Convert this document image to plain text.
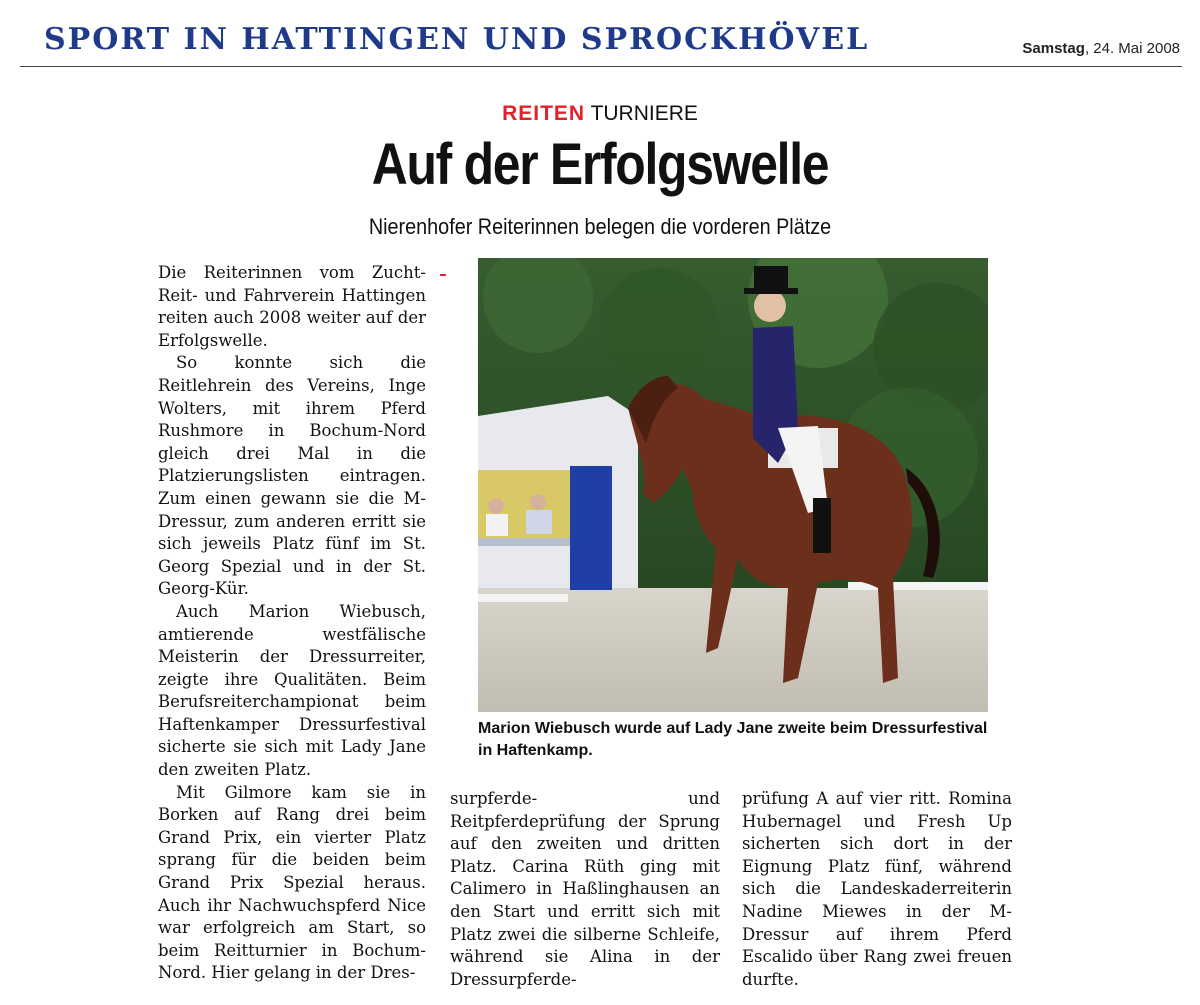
SPORT IN HATTINGEN UND SPROCKHÖVEL	Samstag, 24. Mai 2008
REITEN TURNIERE
Auf der Erfolgswelle
Nierenhofer Reiterinnen belegen die vorderen Plätze

Die Reiterinnen vom Zucht-Reit- und Fahrverein Hattingen reiten auch 2008 weiter auf der Erfolgswelle.

So konnte sich die Reitlehrein des Vereins, Inge Wolters, mit ihrem Pferd Rushmore in Bochum-Nord gleich drei Mal in die Platzierungslisten eintragen. Zum einen gewann sie die M-Dressur, zum anderen erritt sie sich jeweils Platz fünf im St. Georg Spezial und in der St. Georg-Kür.

Auch Marion Wiebusch, amtierende westfälische Meisterin der Dressurreiter, zeigte ihre Qualitäten. Beim Berufsreiterchampionat beim Haftenkamper Dressurfestival sicherte sie sich mit Lady Jane den zweiten Platz.

Mit Gilmore kam sie in Borken auf Rang drei beim Grand Prix, ein vierter Platz sprang für die beiden beim Grand Prix Spezial heraus. Auch ihr Nachwuchspferd Nice war erfolgreich am Start, so beim Reitturnier in Bochum-Nord. Hier gelang in der Dres-

Marion Wiebusch wurde auf Lady Jane zweite beim Dressurfestival in Haftenkamp.

surpferde- und Reitpferdeprüfung der Sprung auf den zweiten und dritten Platz. Carina Rüth ging mit Calimero in Haßlinghausen an den Start und erritt sich mit Platz zwei die silberne Schleife, während sie Alina in der Dressurpferde-

prüfung A auf vier ritt. Romina Hubernagel und Fresh Up sicherten sich dort in der Eignung Platz fünf, während sich die Landeskaderreiterin Nadine Miewes in der M-Dressur auf ihrem Pferd Escalido über Rang zwei freuen durfte.
